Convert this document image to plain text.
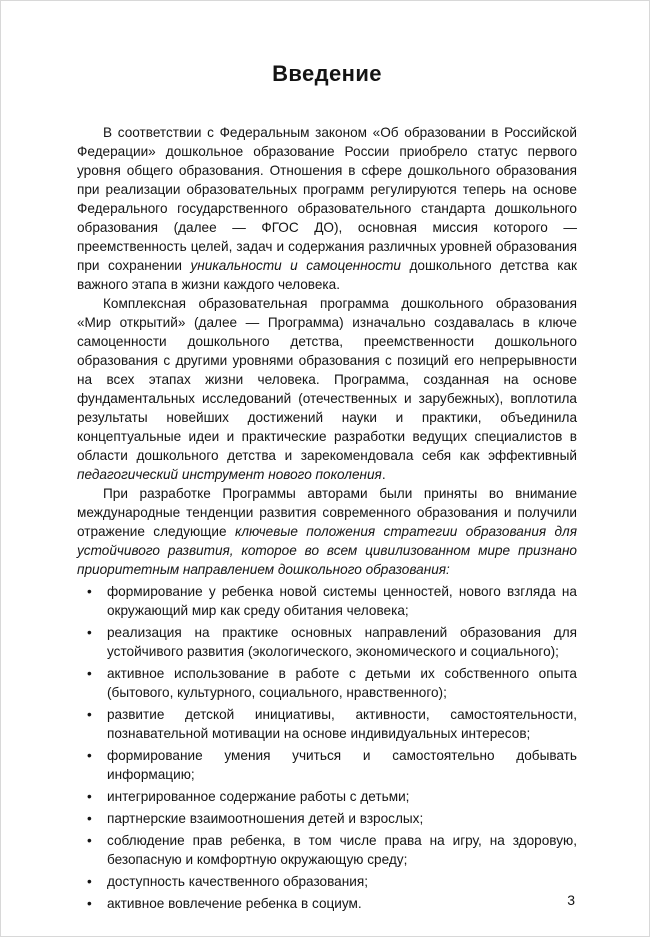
Введение

В соответствии с Федеральным законом «Об образовании в Российской Федерации» дошкольное образование России приобрело статус первого уровня общего образования. Отношения в сфере дошкольного образования при реализации образовательных программ регулируются теперь на основе Федерального государственного образовательного стандарта дошкольного образования (далее — ФГОС ДО), основная миссия которого — преемственность целей, задач и содержания различных уровней образования при сохранении уникальности и самоценности дошкольного детства как важного этапа в жизни каждого человека.

Комплексная образовательная программа дошкольного образования «Мир открытий» (далее — Программа) изначально создавалась в ключе самоценности дошкольного детства, преемственности дошкольного образования с другими уровнями образования с позиций его непрерывности на всех этапах жизни человека. Программа, созданная на основе фундаментальных исследований (отечественных и зарубежных), воплотила результаты новейших достижений науки и практики, объединила концептуальные идеи и практические разработки ведущих специалистов в области дошкольного детства и зарекомендовала себя как эффективный педагогический инструмент нового поколения.

При разработке Программы авторами были приняты во внимание международные тенденции развития современного образования и получили отражение следующие ключевые положения стратегии образования для устойчивого развития, которое во всем цивилизованном мире признано приоритетным направлением дошкольного образования:

• формирование у ребенка новой системы ценностей, нового взгляда на окружающий мир как среду обитания человека;
• реализация на практике основных направлений образования для устойчивого развития (экологического, экономического и социального);
• активное использование в работе с детьми их собственного опыта (бытового, культурного, социального, нравственного);
• развитие детской инициативы, активности, самостоятельности, познавательной мотивации на основе индивидуальных интересов;
• формирование умения учиться и самостоятельно добывать информацию;
• интегрированное содержание работы с детьми;
• партнерские взаимоотношения детей и взрослых;
• соблюдение прав ребенка, в том числе права на игру, на здоровую, безопасную и комфортную окружающую среду;
• доступность качественного образования;
• активное вовлечение ребенка в социум.	3
